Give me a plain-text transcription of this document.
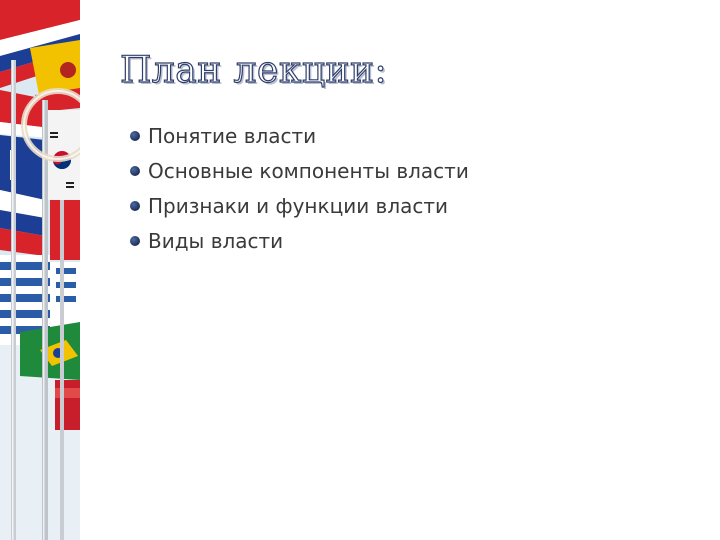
План лекции:
Понятие власти
Основные компоненты власти
Признаки и функции власти
Виды власти
